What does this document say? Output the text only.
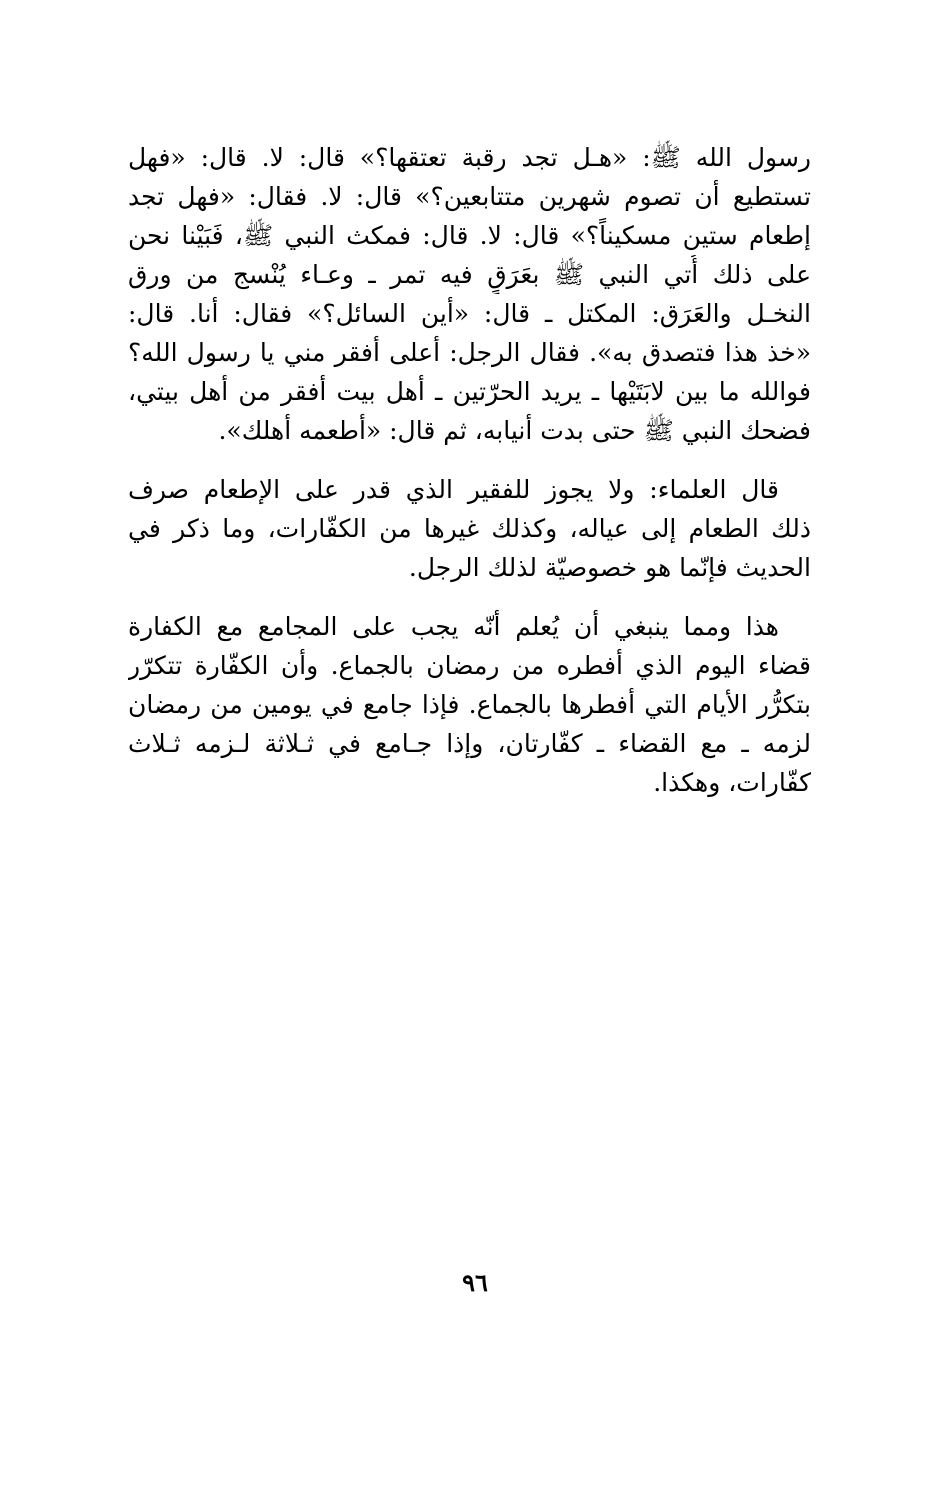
رسول الله ﷺ: «هـل تجد رقبة تعتقها؟» قال: لا. قال: «فهل
تستطيع أن تصوم شهرين متتابعين؟» قال: لا. فقال: «فهل تجد
إطعام ستين مسكيناً؟» قال: لا. قال: فمكث النبي ﷺ، فَبَيْنا نحن
على ذلك أُتي النبي ﷺ بعَرَقٍ فيه تمر ـ وعـاء يُنْسج من ورق
النخـل والعَرَق: المكتل ـ قال: «أين السائل؟» فقال: أنا. قال:
«خذ هذا فتصدق به». فقال الرجل: أعلى أفقر مني يا رسول الله؟
فوالله ما بين لابَتَيْها ـ يريد الحرّتين ـ أهل بيت أفقر من أهل بيتي،
فضحك النبي ﷺ حتى بدت أنيابه، ثم قال: «أطعمه أهلك».
قال العلماء: ولا يجوز للفقير الذي قدر على الإطعام صرف
ذلك الطعام إلى عياله، وكذلك غيرها من الكفّارات، وما ذكر في
الحديث فإنّما هو خصوصيّة لذلك الرجل.
هذا ومما ينبغي أن يُعلم أنّه يجب على المجامع مع الكفارة
قضاء اليوم الذي أفطره من رمضان بالجماع. وأن الكفّارة تتكرّر
بتكرُّر الأيام التي أفطرها بالجماع. فإذا جامع في يومين من رمضان
لزمه ـ مع القضاء ـ كفّارتان، وإذا جـامع في ثـلاثة لـزمه ثـلاث
كفّارات، وهكذا.
٩٦
